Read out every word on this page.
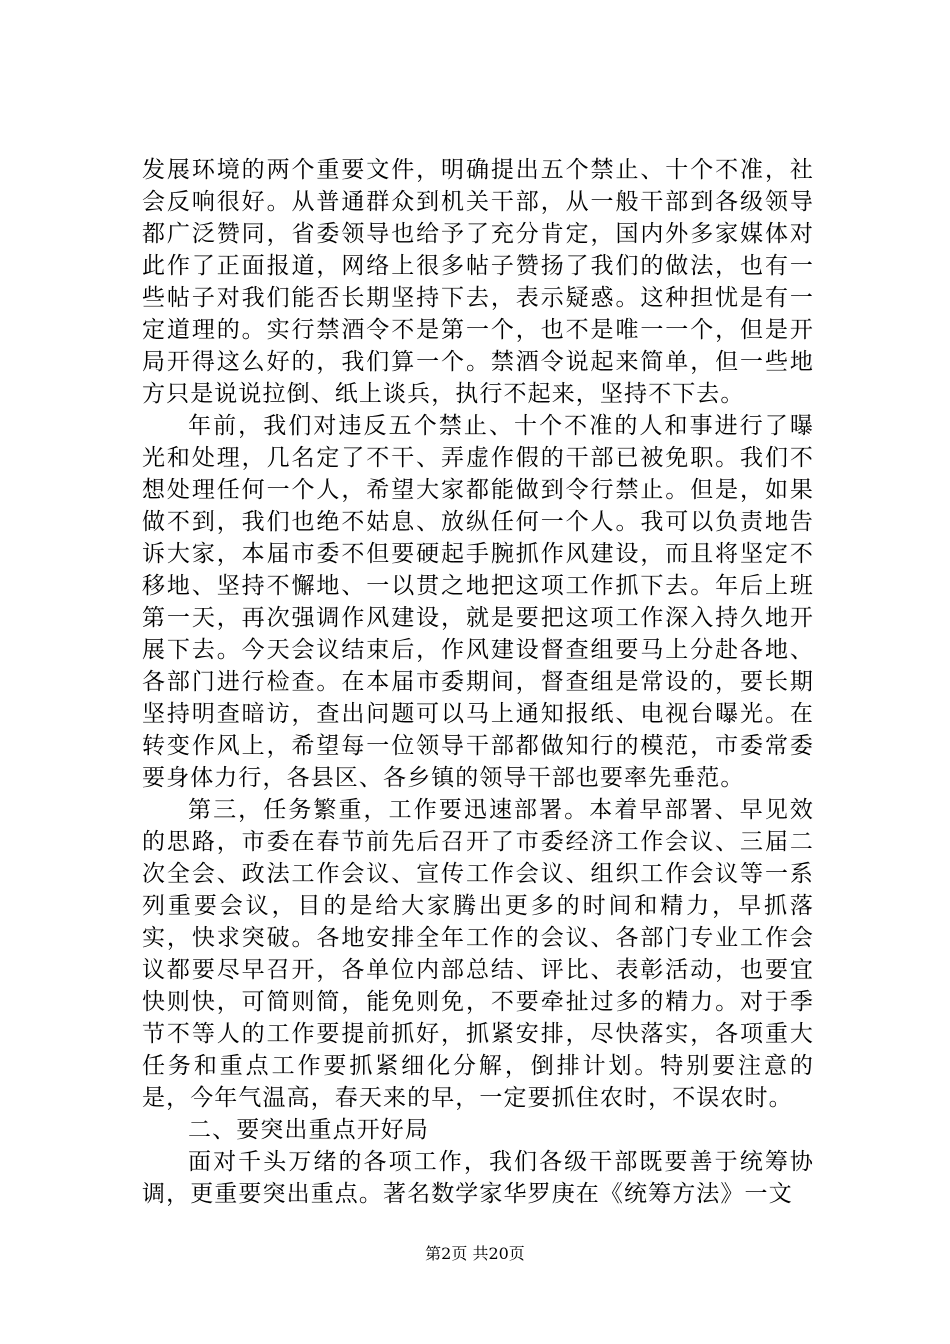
发展环境的两个重要文件，明确提出五个禁止、十个不准，社会反响很好。从普通群众到机关干部，从一般干部到各级领导都广泛赞同，省委领导也给予了充分肯定，国内外多家媒体对此作了正面报道，网络上很多帖子赞扬了我们的做法，也有一些帖子对我们能否长期坚持下去，表示疑惑。这种担忧是有一定道理的。实行禁酒令不是第一个，也不是唯一一个，但是开局开得这么好的，我们算一个。禁酒令说起来简单，但一些地方只是说说拉倒、纸上谈兵，执行不起来，坚持不下去。

年前，我们对违反五个禁止、十个不准的人和事进行了曝光和处理，几名定了不干、弄虚作假的干部已被免职。我们不想处理任何一个人，希望大家都能做到令行禁止。但是，如果做不到，我们也绝不姑息、放纵任何一个人。我可以负责地告诉大家，本届市委不但要硬起手腕抓作风建设，而且将坚定不移地、坚持不懈地、一以贯之地把这项工作抓下去。年后上班第一天，再次强调作风建设，就是要把这项工作深入持久地开展下去。今天会议结束后，作风建设督查组要马上分赴各地、各部门进行检查。在本届市委期间，督查组是常设的，要长期坚持明查暗访，查出问题可以马上通知报纸、电视台曝光。在转变作风上，希望每一位领导干部都做知行的模范，市委常委要身体力行，各县区、各乡镇的领导干部也要率先垂范。

第三，任务繁重，工作要迅速部署。本着早部署、早见效的思路，市委在春节前先后召开了市委经济工作会议、三届二次全会、政法工作会议、宣传工作会议、组织工作会议等一系列重要会议，目的是给大家腾出更多的时间和精力，早抓落实，快求突破。各地安排全年工作的会议、各部门专业工作会议都要尽早召开，各单位内部总结、评比、表彰活动，也要宜快则快，可简则简，能免则免，不要牵扯过多的精力。对于季节不等人的工作要提前抓好，抓紧安排，尽快落实，各项重大任务和重点工作要抓紧细化分解，倒排计划。特别要注意的是，今年气温高，春天来的早，一定要抓住农时，不误农时。

二、要突出重点开好局

面对千头万绪的各项工作，我们各级干部既要善于统筹协调，更重要突出重点。著名数学家华罗庚在《统筹方法》一文

第2页 共20页
